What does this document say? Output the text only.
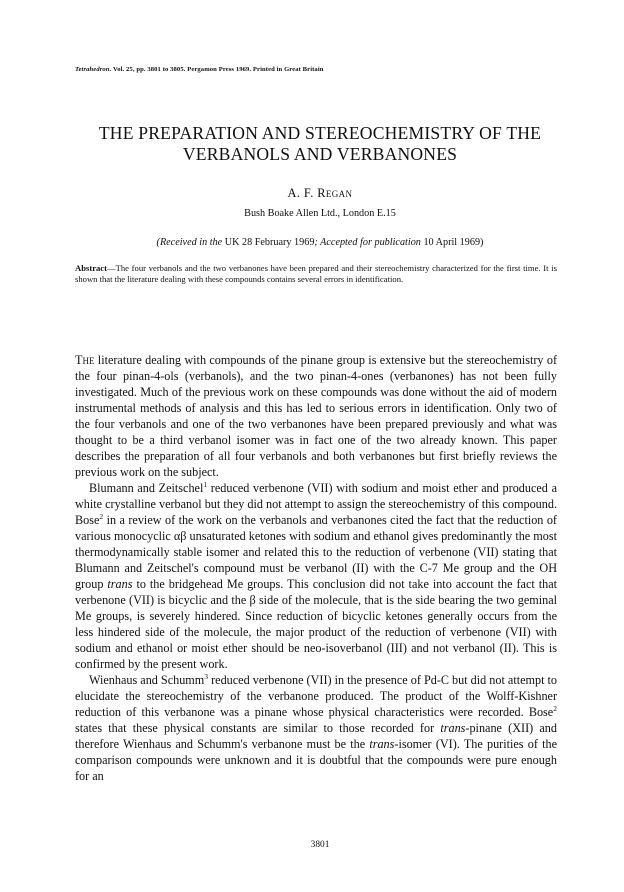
Tetrahedron. Vol. 25, pp. 3801 to 3805. Pergamon Press 1969. Printed in Great Britain
THE PREPARATION AND STEREOCHEMISTRY OF THE
VERBANOLS AND VERBANONES
A. F. Regan
Bush Boake Allen Ltd., London E.15
(Received in the UK 28 February 1969; Accepted for publication 10 April 1969)
Abstract—The four verbanols and the two verbanones have been prepared and their stereochemistry characterized for the first time. It is shown that the literature dealing with these compounds contains several errors in identification.

The literature dealing with compounds of the pinane group is extensive but the stereochemistry of the four pinan-4-ols (verbanols), and the two pinan-4-ones (verbanones) has not been fully investigated. Much of the previous work on these compounds was done without the aid of modern instrumental methods of analysis and this has led to serious errors in identification. Only two of the four verbanols and one of the two verbanones have been prepared previously and what was thought to be a third verbanol isomer was in fact one of the two already known. This paper describes the preparation of all four verbanols and both verbanones but first briefly reviews the previous work on the subject.

Blumann and Zeitschel$^1$ reduced verbenone (VII) with sodium and moist ether and produced a white crystalline verbanol but they did not attempt to assign the stereochemistry of this compound. Bose$^2$ in a review of the work on the verbanols and verbanones cited the fact that the reduction of various monocyclic αβ unsaturated ketones with sodium and ethanol gives predominantly the most thermodynamically stable isomer and related this to the reduction of verbenone (VII) stating that Blumann and Zeitschel's compound must be verbanol (II) with the C-7 Me group and the OH group trans to the bridgehead Me groups. This conclusion did not take into account the fact that verbenone (VII) is bicyclic and the β side of the molecule, that is the side bearing the two geminal Me groups, is severely hindered. Since reduction of bicyclic ketones generally occurs from the less hindered side of the molecule, the major product of the reduction of verbenone (VII) with sodium and ethanol or moist ether should be neo-isoverbanol (III) and not verbanol (II). This is confirmed by the present work.

Wienhaus and Schumm$^3$ reduced verbenone (VII) in the presence of Pd-C but did not attempt to elucidate the stereochemistry of the verbanone produced. The product of the Wolff-Kishner reduction of this verbanone was a pinane whose physical characteristics were recorded. Bose$^2$ states that these physical constants are similar to those recorded for trans-pinane (XII) and therefore Wienhaus and Schumm's verbanone must be the trans-isomer (VI). The purities of the comparison compounds were unknown and it is doubtful that the compounds were pure enough for an

3801
